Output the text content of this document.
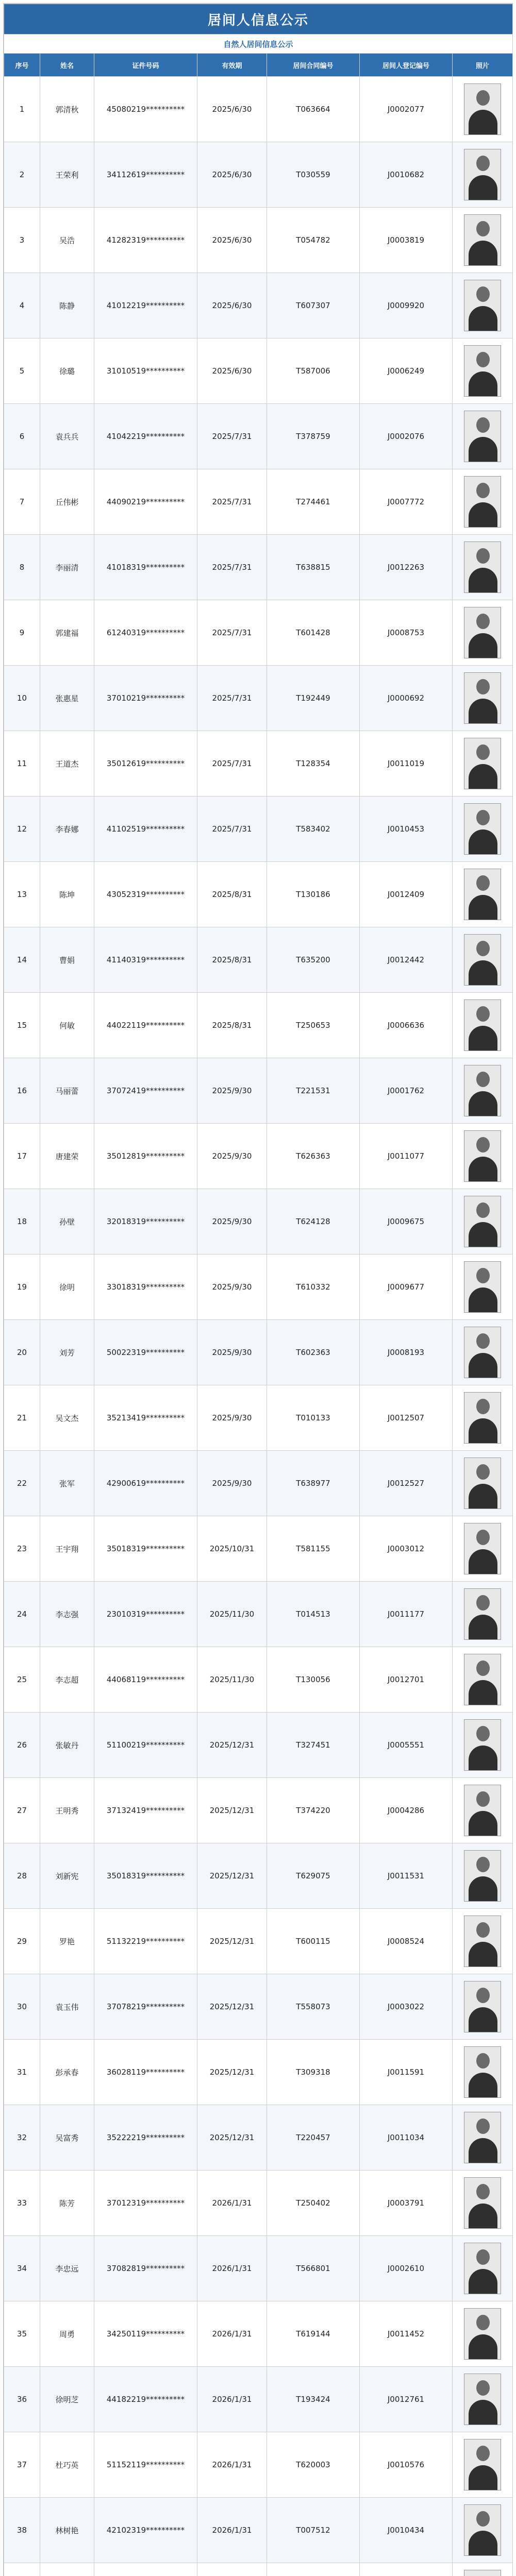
居间人信息公示						
自然人居间信息公示						
序号	姓名	证件号码	有效期	居间合同编号	居间人登记编号	照片
1	郭清秋	45080219**********	2025/6/30	T063664	J0002077	

2	王荣利	34112619**********	2025/6/30	T030559	J0010682	

3	吴浩	41282319**********	2025/6/30	T054782	J0003819	

4	陈静	41012219**********	2025/6/30	T607307	J0009920	

5	徐璐	31010519**********	2025/6/30	T587006	J0006249	

6	袁兵兵	41042219**********	2025/7/31	T378759	J0002076	

7	丘伟彬	44090219**********	2025/7/31	T274461	J0007772	

8	李丽清	41018319**********	2025/7/31	T638815	J0012263	

9	郭建福	61240319**********	2025/7/31	T601428	J0008753	

10	张惠星	37010219**********	2025/7/31	T192449	J0000692	

11	王道杰	35012619**********	2025/7/31	T128354	J0011019	

12	李春娜	41102519**********	2025/7/31	T583402	J0010453	

13	陈坤	43052319**********	2025/8/31	T130186	J0012409	

14	曹娟	41140319**********	2025/8/31	T635200	J0012442	

15	何敏	44022119**********	2025/8/31	T250653	J0006636	

16	马丽蕾	37072419**********	2025/9/30	T221531	J0001762	

17	唐建荣	35012819**********	2025/9/30	T626363	J0011077	

18	孙壁	32018319**********	2025/9/30	T624128	J0009675	

19	徐明	33018319**********	2025/9/30	T610332	J0009677	

20	刘芳	50022319**********	2025/9/30	T602363	J0008193	

21	吴文杰	35213419**********	2025/9/30	T010133	J0012507	

22	张军	42900619**********	2025/9/30	T638977	J0012527	

23	王宇翔	35018319**********	2025/10/31	T581155	J0003012	

24	李志强	23010319**********	2025/11/30	T014513	J0011177	

25	李志超	44068119**********	2025/11/30	T130056	J0012701	

26	张敏丹	51100219**********	2025/12/31	T327451	J0005551	

27	王明秀	37132419**********	2025/12/31	T374220	J0004286	

28	刘新宪	35018319**********	2025/12/31	T629075	J0011531	

29	罗艳	51132219**********	2025/12/31	T600115	J0008524	

30	袁玉伟	37078219**********	2025/12/31	T558073	J0003022	

31	彭承春	36028119**********	2025/12/31	T309318	J0011591	

32	吴富秀	35222219**********	2025/12/31	T220457	J0011034	

33	陈芳	37012319**********	2026/1/31	T250402	J0003791	

34	李忠远	37082819**********	2026/1/31	T566801	J0002610	

35	周勇	34250119**********	2026/1/31	T619144	J0011452	

36	徐明芝	44182219**********	2026/1/31	T193424	J0012761	

37	杜巧英	51152119**********	2026/1/31	T620003	J0010576	

38	林树艳	42102319**********	2026/1/31	T007512	J0010434	
